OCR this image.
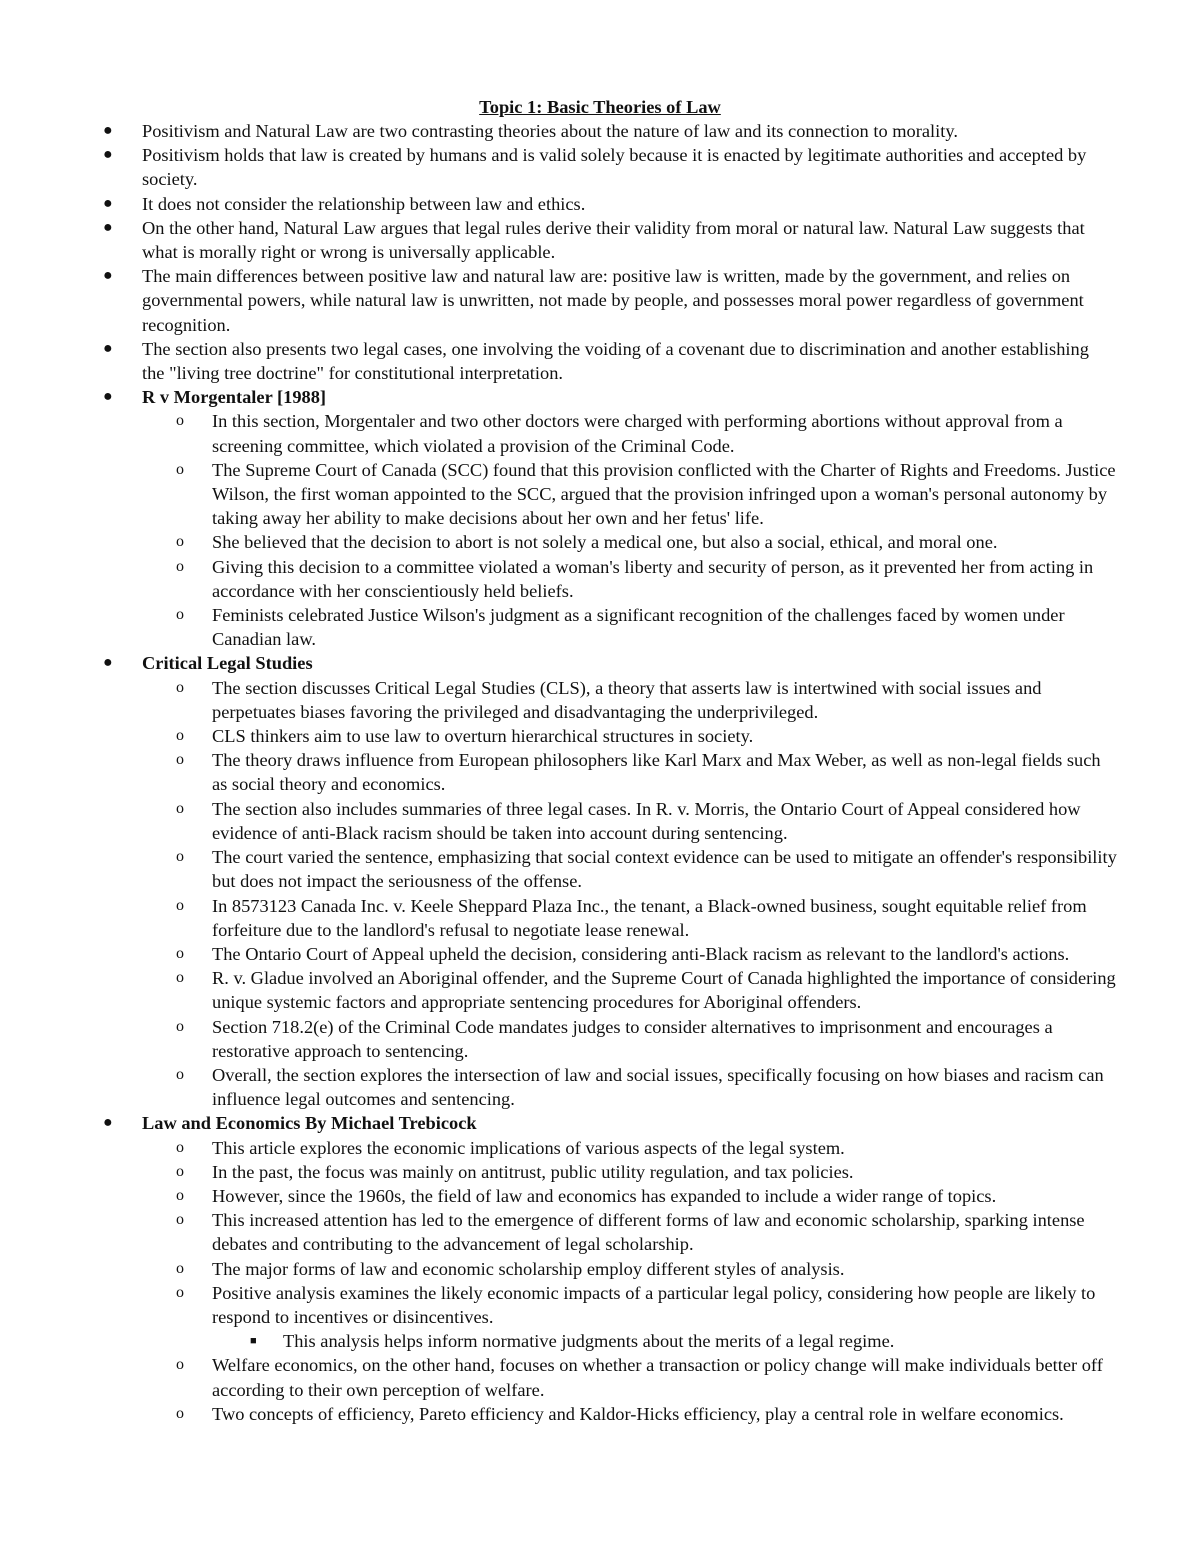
Topic 1: Basic Theories of Law
● Positivism and Natural Law are two contrasting theories about the nature of law and its connection to morality.
● Positivism holds that law is created by humans and is valid solely because it is enacted by legitimate authorities and accepted by society.
● It does not consider the relationship between law and ethics.
● On the other hand, Natural Law argues that legal rules derive their validity from moral or natural law. Natural Law suggests that what is morally right or wrong is universally applicable.
● The main differences between positive law and natural law are: positive law is written, made by the government, and relies on governmental powers, while natural law is unwritten, not made by people, and possesses moral power regardless of government recognition.
● The section also presents two legal cases, one involving the voiding of a covenant due to discrimination and another establishing the "living tree doctrine" for constitutional interpretation.
● R v Morgentaler [1988]
o In this section, Morgentaler and two other doctors were charged with performing abortions without approval from a screening committee, which violated a provision of the Criminal Code.
o The Supreme Court of Canada (SCC) found that this provision conflicted with the Charter of Rights and Freedoms. Justice Wilson, the first woman appointed to the SCC, argued that the provision infringed upon a woman's personal autonomy by taking away her ability to make decisions about her own and her fetus' life.
o She believed that the decision to abort is not solely a medical one, but also a social, ethical, and moral one.
o Giving this decision to a committee violated a woman's liberty and security of person, as it prevented her from acting in accordance with her conscientiously held beliefs.
o Feminists celebrated Justice Wilson's judgment as a significant recognition of the challenges faced by women under Canadian law.
● Critical Legal Studies
o The section discusses Critical Legal Studies (CLS), a theory that asserts law is intertwined with social issues and perpetuates biases favoring the privileged and disadvantaging the underprivileged.
o CLS thinkers aim to use law to overturn hierarchical structures in society.
o The theory draws influence from European philosophers like Karl Marx and Max Weber, as well as non-legal fields such as social theory and economics.
o The section also includes summaries of three legal cases. In R. v. Morris, the Ontario Court of Appeal considered how evidence of anti-Black racism should be taken into account during sentencing.
o The court varied the sentence, emphasizing that social context evidence can be used to mitigate an offender's responsibility but does not impact the seriousness of the offense.
o In 8573123 Canada Inc. v. Keele Sheppard Plaza Inc., the tenant, a Black-owned business, sought equitable relief from forfeiture due to the landlord's refusal to negotiate lease renewal.
o The Ontario Court of Appeal upheld the decision, considering anti-Black racism as relevant to the landlord's actions.
o R. v. Gladue involved an Aboriginal offender, and the Supreme Court of Canada highlighted the importance of considering unique systemic factors and appropriate sentencing procedures for Aboriginal offenders.
o Section 718.2(e) of the Criminal Code mandates judges to consider alternatives to imprisonment and encourages a restorative approach to sentencing.
o Overall, the section explores the intersection of law and social issues, specifically focusing on how biases and racism can influence legal outcomes and sentencing.
● Law and Economics By Michael Trebicock
o This article explores the economic implications of various aspects of the legal system.
o In the past, the focus was mainly on antitrust, public utility regulation, and tax policies.
o However, since the 1960s, the field of law and economics has expanded to include a wider range of topics.
o This increased attention has led to the emergence of different forms of law and economic scholarship, sparking intense debates and contributing to the advancement of legal scholarship.
o The major forms of law and economic scholarship employ different styles of analysis.
o Positive analysis examines the likely economic impacts of a particular legal policy, considering how people are likely to respond to incentives or disincentives.
■ This analysis helps inform normative judgments about the merits of a legal regime.
o Welfare economics, on the other hand, focuses on whether a transaction or policy change will make individuals better off according to their own perception of welfare.
o Two concepts of efficiency, Pareto efficiency and Kaldor-Hicks efficiency, play a central role in welfare economics.
